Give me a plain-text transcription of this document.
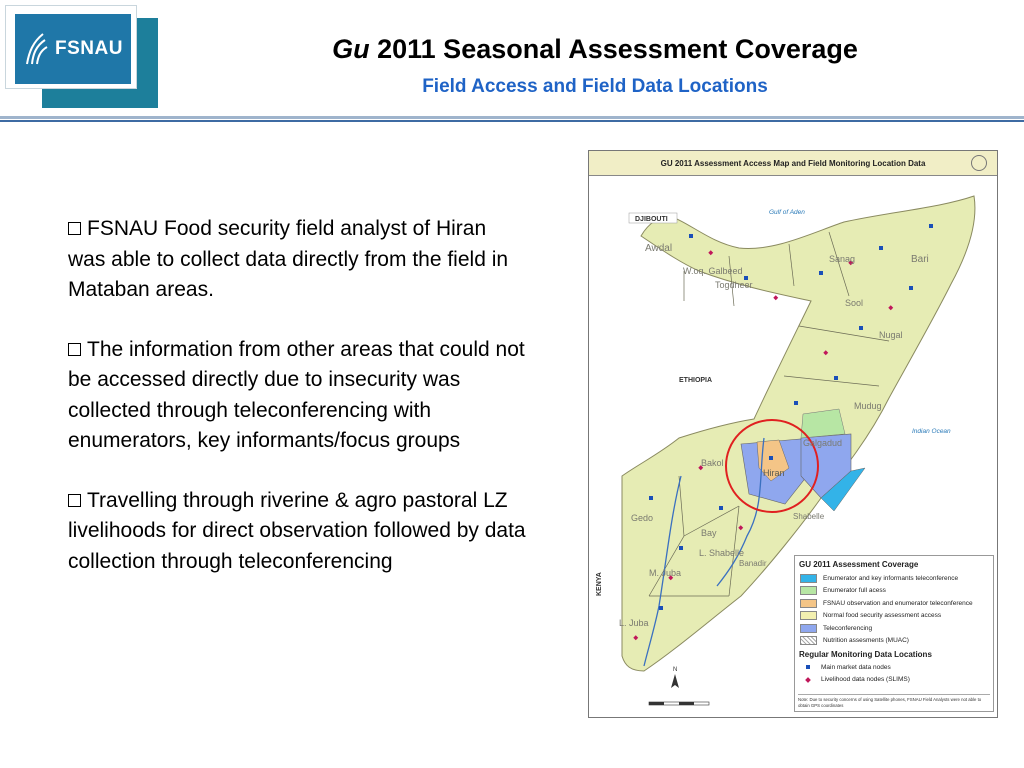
FSNAU	Gu 2011 Seasonal Assessment Coverage
Field Access and Field Data Locations
FSNAU Food security field analyst of Hiran was able to collect data directly from the field in Mataban areas.
The information from other areas that could not be accessed directly due to insecurity was collected through teleconferencing with enumerators, key informants/focus groups
Travelling through riverine & agro pastoral LZ livelihoods for direct observation followed by data collection through teleconferencing
GU 2011 Assessment Access Map and Field Monitoring Location Data
DJIBOUTI
Gulf of Aden
Awdal
W.oq. Galbeed
Togdheer
Sanag	Bari
Sool
Nugal
ETHIOPIA
Mudug
Galgadud
Indian Ocean
Hiran
Bakol
Gedo
Bay
Shabelle
L. Shabelle
Banadir
M. Juba
L. Juba
KENYA
N
GU 2011 Assessment Coverage
Enumerator and key informants teleconference
Enumerator full acess
FSNAU observation and enumerator teleconference
Normal food security assessment access
Teleconferencing
Nutrition assesments (MUAC)
Regular Monitoring Data Locations
Main market data nodes
Livelihood data nodes (SLIMS)
Note: Due to security concerns of using Satellite phones, FSNAU Field Analysts were not able to obtain GPS coordinates
